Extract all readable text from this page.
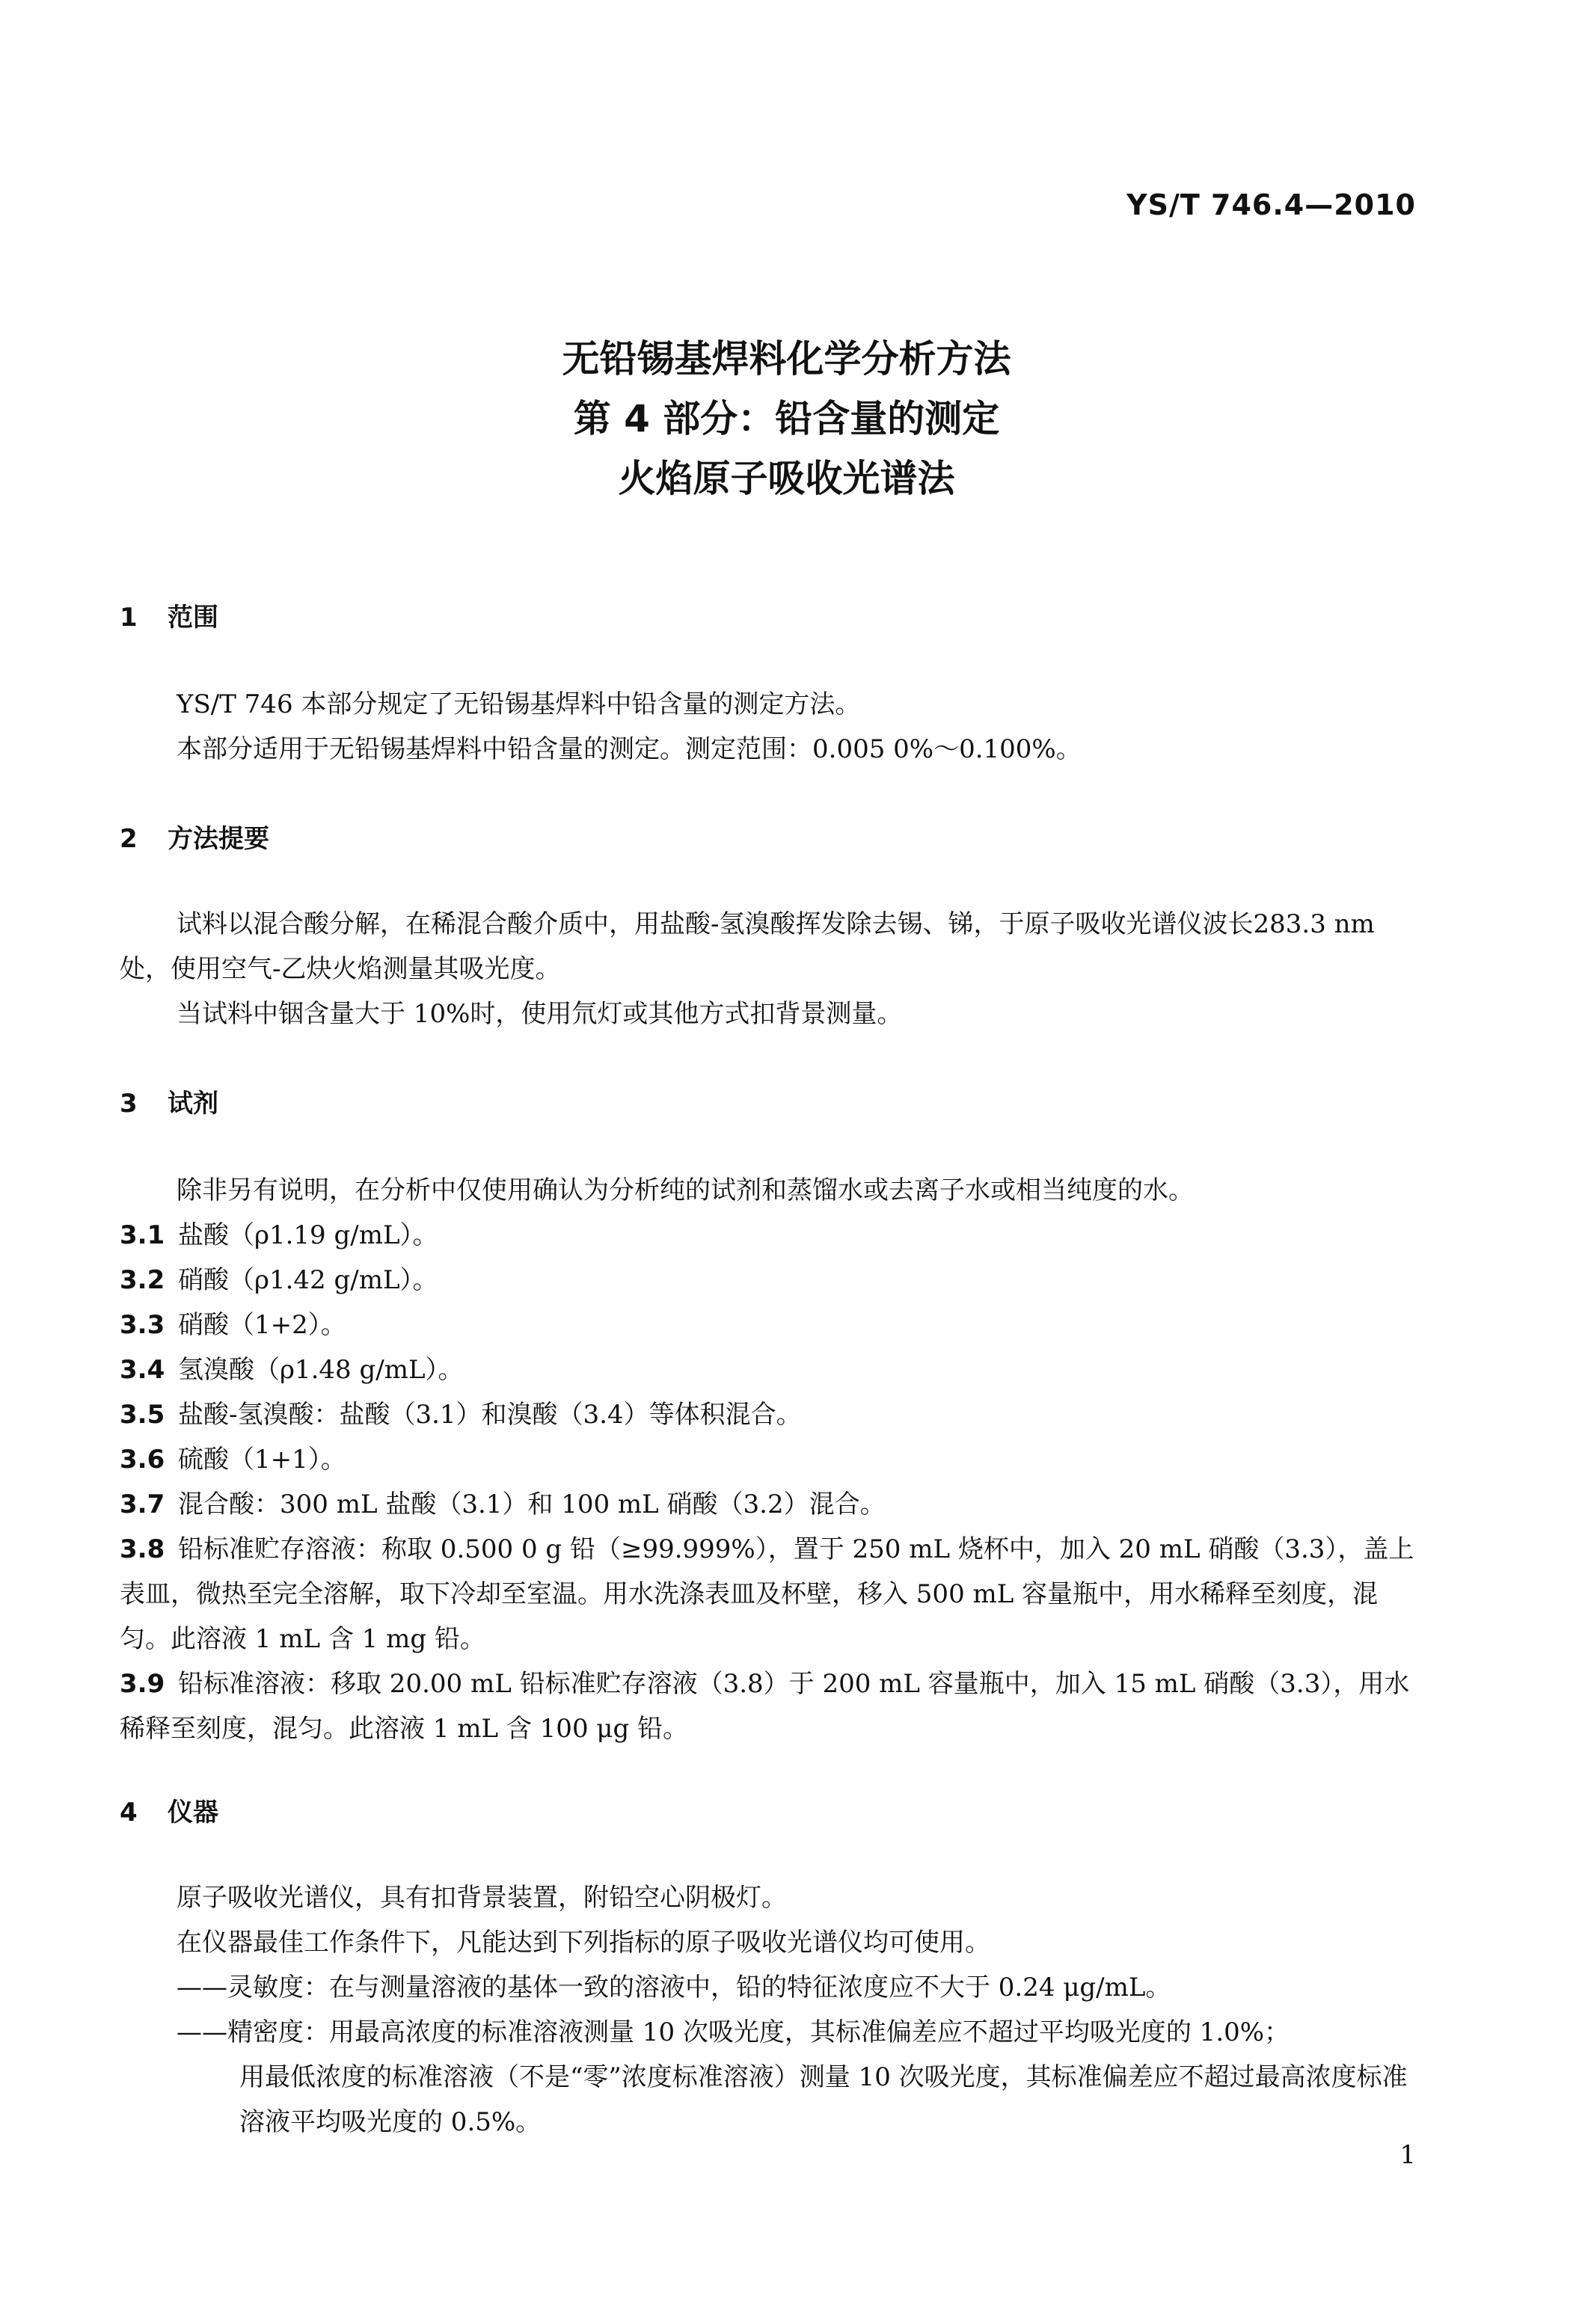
YS/T 746.4—2010
无铅锡基焊料化学分析方法
第 4 部分：铅含量的测定
火焰原子吸收光谱法
1 范围

YS/T 746 本部分规定了无铅锡基焊料中铅含量的测定方法。

本部分适用于无铅锡基焊料中铅含量的测定。测定范围：0.005 0%～0.100%。

2 方法提要

试料以混合酸分解，在稀混合酸介质中，用盐酸-氢溴酸挥发除去锡、锑，于原子吸收光谱仪波长283.3 nm 处，使用空气-乙炔火焰测量其吸光度。

当试料中铟含量大于 10%时，使用氘灯或其他方式扣背景测量。

3 试剂

除非另有说明，在分析中仅使用确认为分析纯的试剂和蒸馏水或去离子水或相当纯度的水。

3.1 盐酸（ρ1.19 g/mL）。

3.2 硝酸（ρ1.42 g/mL）。

3.3 硝酸（1+2）。

3.4 氢溴酸（ρ1.48 g/mL）。

3.5 盐酸-氢溴酸：盐酸（3.1）和溴酸（3.4）等体积混合。

3.6 硫酸（1+1）。

3.7 混合酸：300 mL 盐酸（3.1）和 100 mL 硝酸（3.2）混合。

3.8 铅标准贮存溶液：称取 0.500 0 g 铅（≥99.999%），置于 250 mL 烧杯中，加入 20 mL 硝酸（3.3），盖上表皿，微热至完全溶解，取下冷却至室温。用水洗涤表皿及杯壁，移入 500 mL 容量瓶中，用水稀释至刻度，混匀。此溶液 1 mL 含 1 mg 铅。

3.9 铅标准溶液：移取 20.00 mL 铅标准贮存溶液（3.8）于 200 mL 容量瓶中，加入 15 mL 硝酸（3.3），用水稀释至刻度，混匀。此溶液 1 mL 含 100 μg 铅。

4 仪器

原子吸收光谱仪，具有扣背景装置，附铅空心阴极灯。

在仪器最佳工作条件下，凡能达到下列指标的原子吸收光谱仪均可使用。

——灵敏度：在与测量溶液的基体一致的溶液中，铅的特征浓度应不大于 0.24 μg/mL。

——精密度：用最高浓度的标准溶液测量 10 次吸光度，其标准偏差应不超过平均吸光度的 1.0%；

用最低浓度的标准溶液（不是“零”浓度标准溶液）测量 10 次吸光度，其标准偏差应不超过最高浓度标准溶液平均吸光度的 0.5%。

1
